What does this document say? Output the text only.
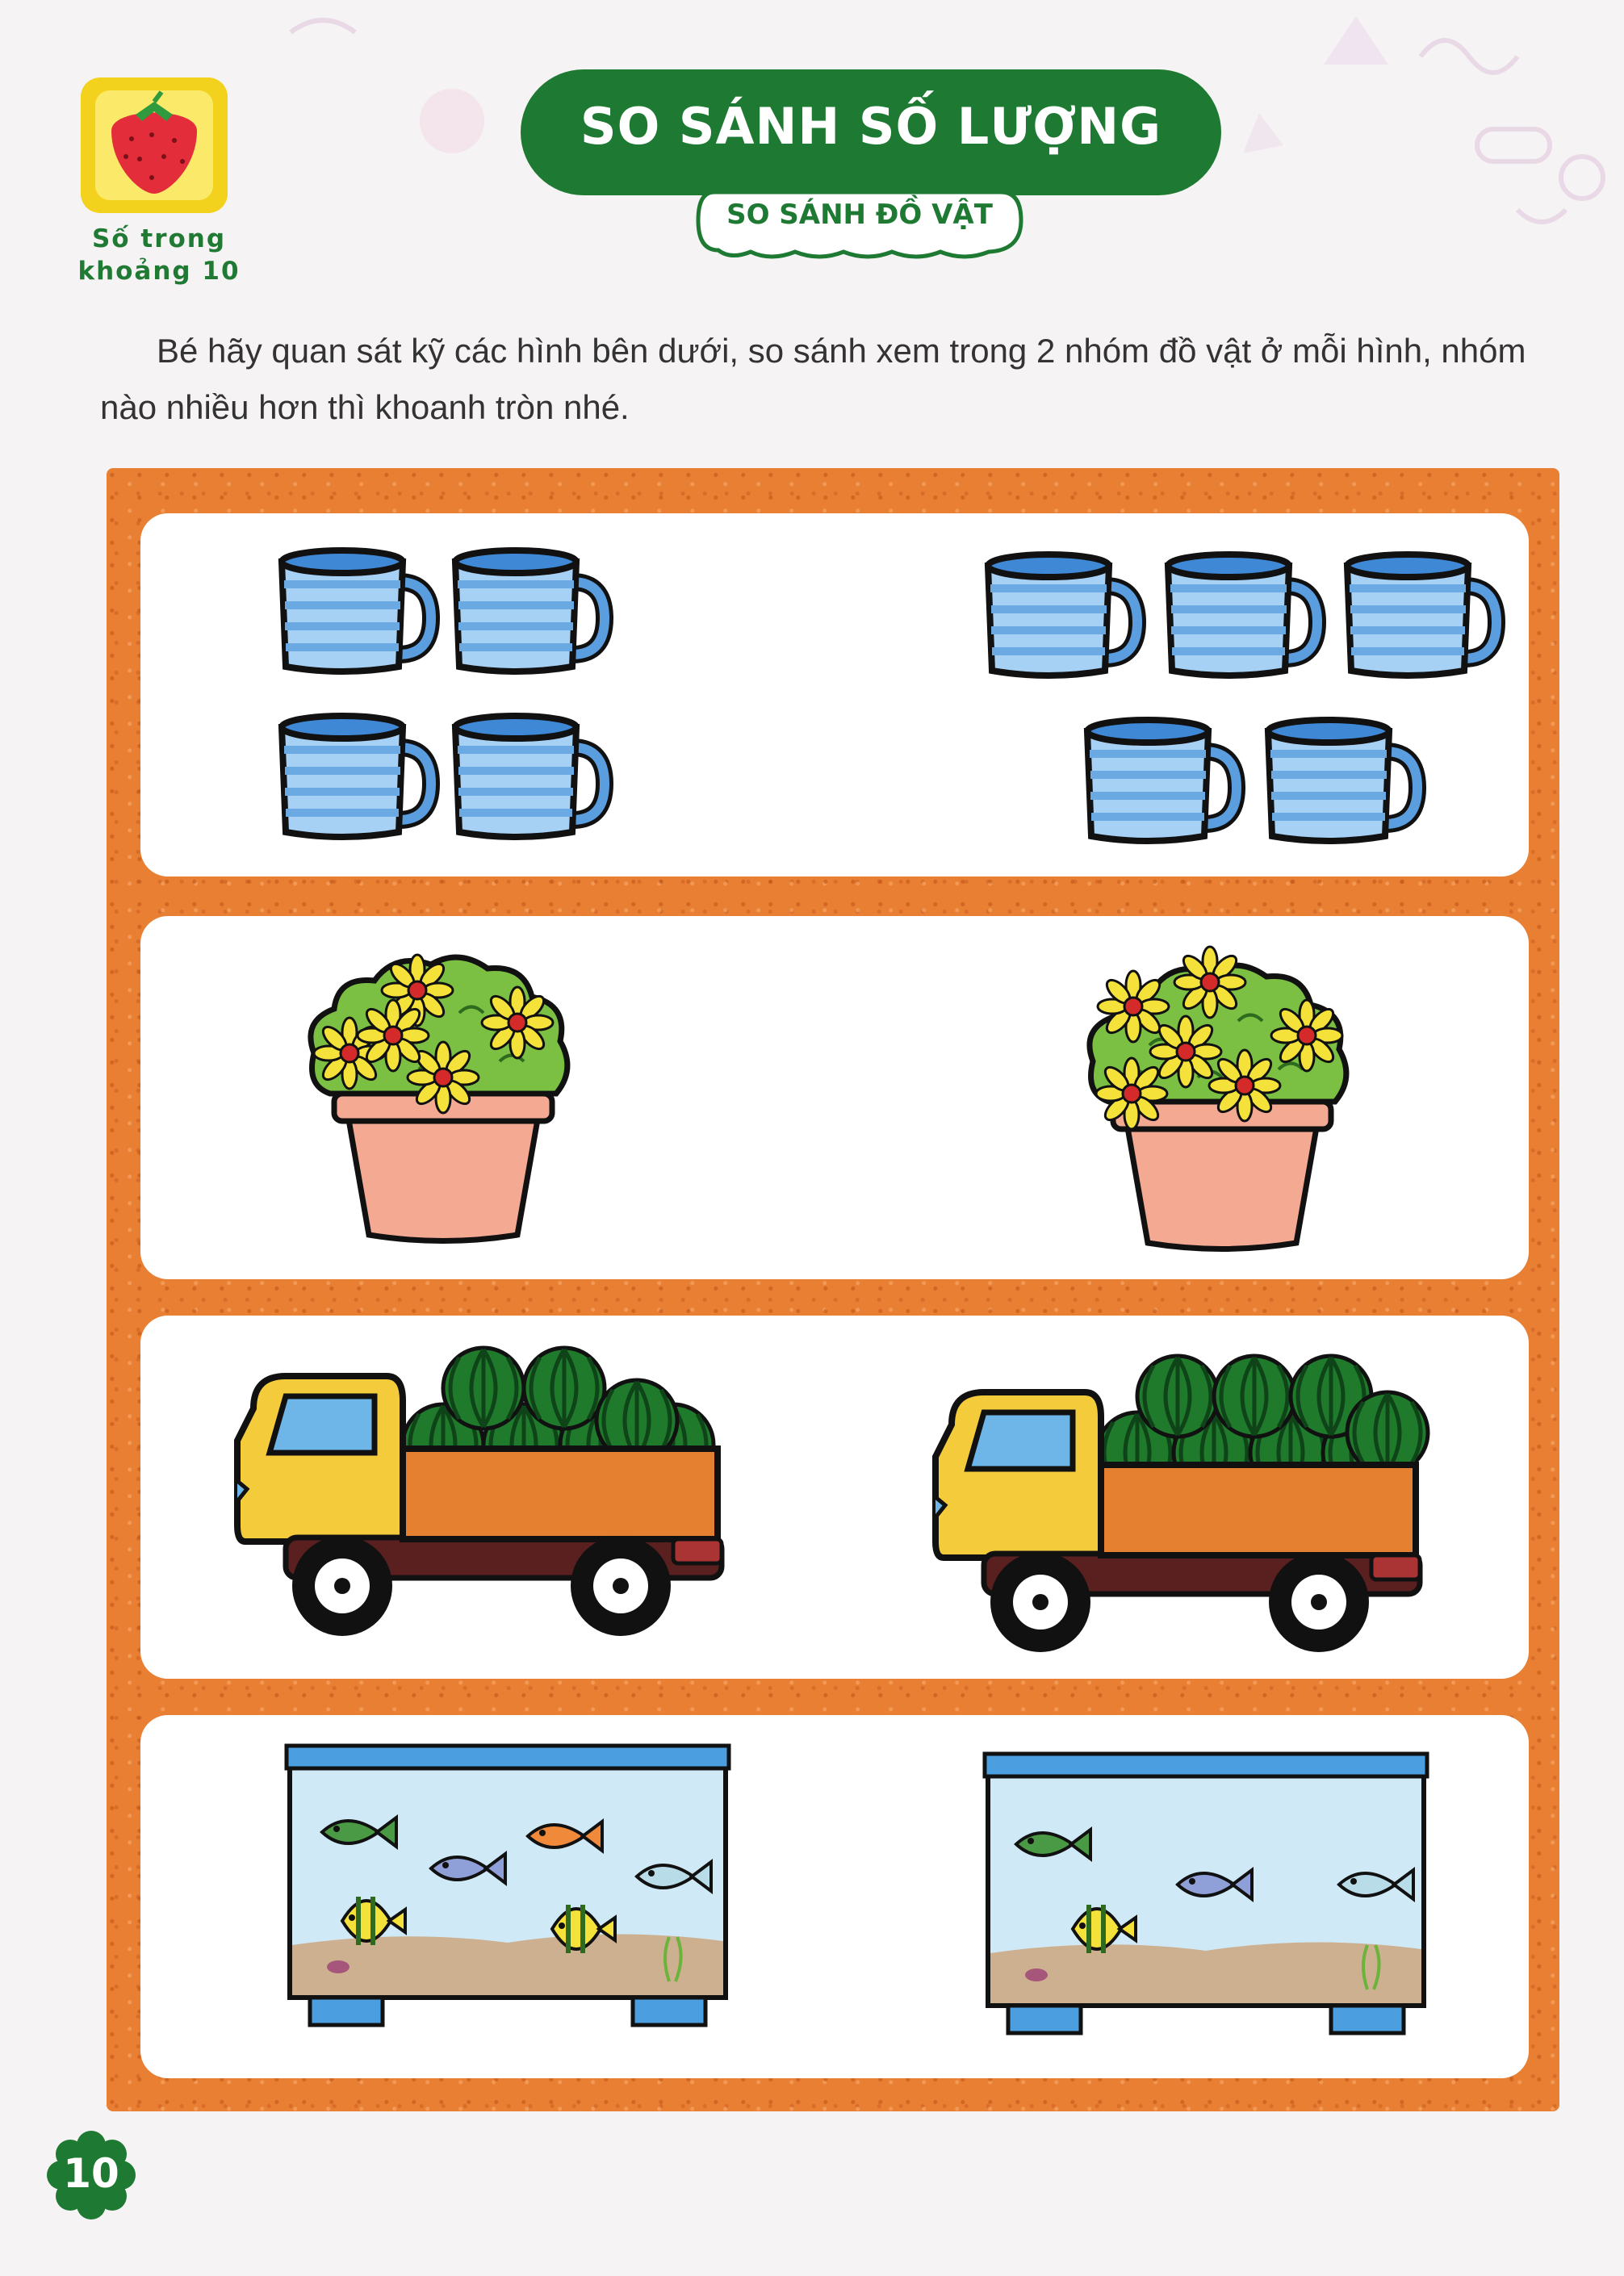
Số trong
khoảng 10
SO SÁNH SỐ LƯỢNG
SO SÁNH ĐỒ VẬT

Bé hãy quan sát kỹ các hình bên dưới, so sánh xem trong 2 nhóm đồ vật ở mỗi hình, nhóm nào nhiều hơn thì khoanh tròn nhé.

10
